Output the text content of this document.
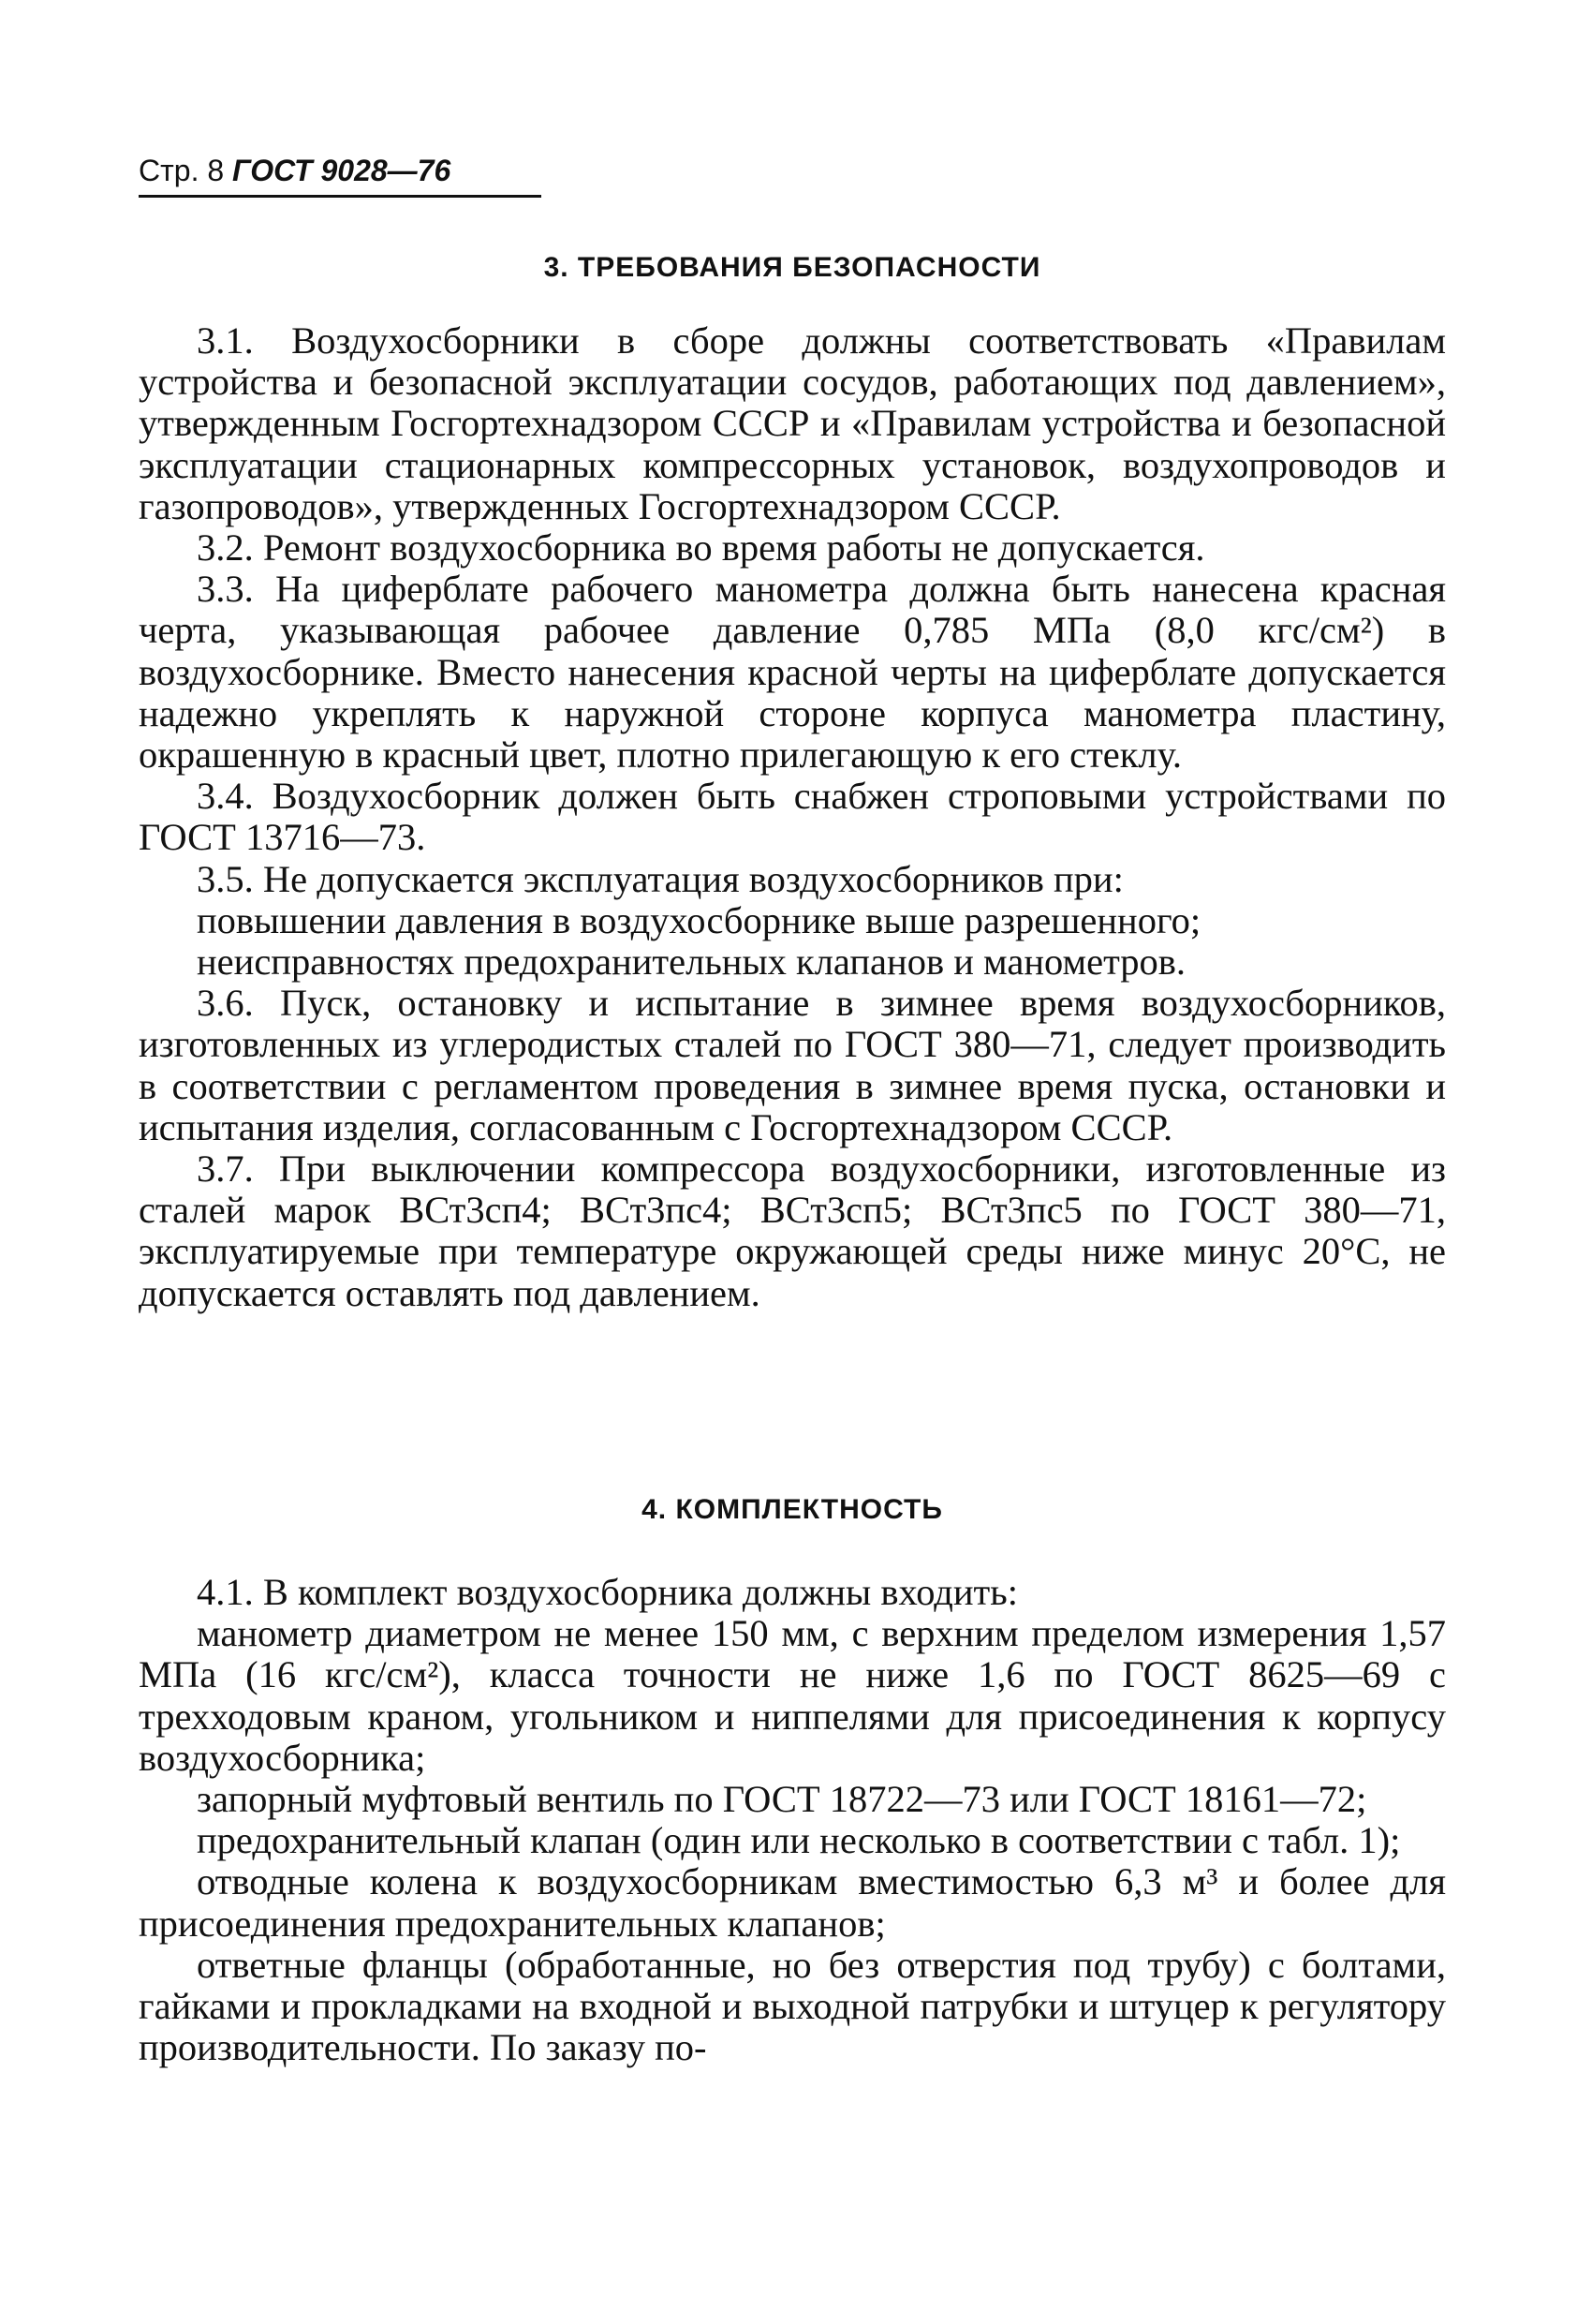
Стр. 8 ГОСТ 9028—76
3. ТРЕБОВАНИЯ БЕЗОПАСНОСТИ

3.1. Воздухосборники в сборе должны соответствовать «Правилам устройства и безопасной эксплуатации сосудов, работающих под давлением», утвержденным Госгортехнадзором СССР и «Правилам устройства и безопасной эксплуатации стационарных компрессорных установок, воздухопроводов и газопроводов», утвержденных Госгортехнадзором СССР.

3.2. Ремонт воздухосборника во время работы не допускается.

3.3. На циферблате рабочего манометра должна быть нанесена красная черта, указывающая рабочее давление 0,785 МПа (8,0 кгс/см²) в воздухосборнике. Вместо нанесения красной черты на циферблате допускается надежно укреплять к наружной стороне корпуса манометра пластину, окрашенную в красный цвет, плотно прилегающую к его стеклу.

3.4. Воздухосборник должен быть снабжен строповыми устройствами по ГОСТ 13716—73.

3.5. Не допускается эксплуатация воздухосборников при:

повышении давления в воздухосборнике выше разрешенного;

неисправностях предохранительных клапанов и манометров.

3.6. Пуск, остановку и испытание в зимнее время воздухосборников, изготовленных из углеродистых сталей по ГОСТ 380—71, следует производить в соответствии с регламентом проведения в зимнее время пуска, остановки и испытания изделия, согласованным с Госгортехнадзором СССР.

3.7. При выключении компрессора воздухосборники, изготовленные из сталей марок ВСт3сп4; ВСт3пс4; ВСт3сп5; ВСт3пс5 по ГОСТ 380—71, эксплуатируемые при температуре окружающей среды ниже минус 20°С, не допускается оставлять под давлением.

4. КОМПЛЕКТНОСТЬ

4.1. В комплект воздухосборника должны входить:

манометр диаметром не менее 150 мм, с верхним пределом измерения 1,57 МПа (16 кгс/см²), класса точности не ниже 1,6 по ГОСТ 8625—69 с трехходовым краном, угольником и ниппелями для присоединения к корпусу воздухосборника;

запорный муфтовый вентиль по ГОСТ 18722—73 или ГОСТ 18161—72;

предохранительный клапан (один или несколько в соответствии с табл. 1);

отводные колена к воздухосборникам вместимостью 6,3 м³ и более для присоединения предохранительных клапанов;

ответные фланцы (обработанные, но без отверстия под трубу) с болтами, гайками и прокладками на входной и выходной патрубки и штуцер к регулятору производительности. По заказу по-
